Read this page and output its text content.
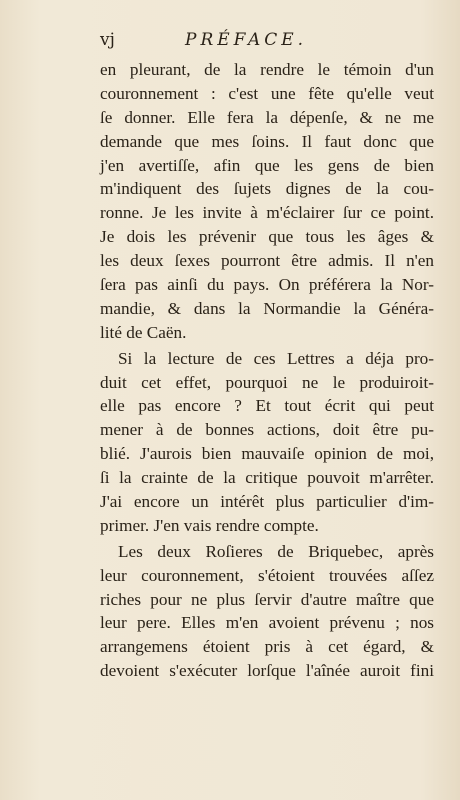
vj	PRÉFACE.
en pleurant, de la rendre le témoin d'un
couronnement : c'est une fête qu'elle veut
ſe donner. Elle fera la dépenſe, & ne me
demande que mes ſoins. Il faut donc que
j'en avertiſſe, afin que les gens de bien
m'indiquent des ſujets dignes de la cou-
ronne. Je les invite à m'éclairer ſur ce point.
Je dois les prévenir que tous les âges &
les deux ſexes pourront être admis. Il n'en
ſera pas ainſi du pays. On préférera la Nor-
mandie, & dans la Normandie la Généra-
lité de Caën.
Si la lecture de ces Lettres a déja pro-
duit cet effet, pourquoi ne le produiroit-
elle pas encore ? Et tout écrit qui peut
mener à de bonnes actions, doit être pu-
blié. J'aurois bien mauvaiſe opinion de moi,
ſi la crainte de la critique pouvoit m'arrêter.
J'ai encore un intérêt plus particulier d'im-
primer. J'en vais rendre compte.
Les deux Roſieres de Briquebec, après
leur couronnement, s'étoient trouvées aſſez
riches pour ne plus ſervir d'autre maître que
leur pere. Elles m'en avoient prévenu ; nos
arrangemens étoient pris à cet égard, &
devoient s'exécuter lorſque l'aînée auroit fini
